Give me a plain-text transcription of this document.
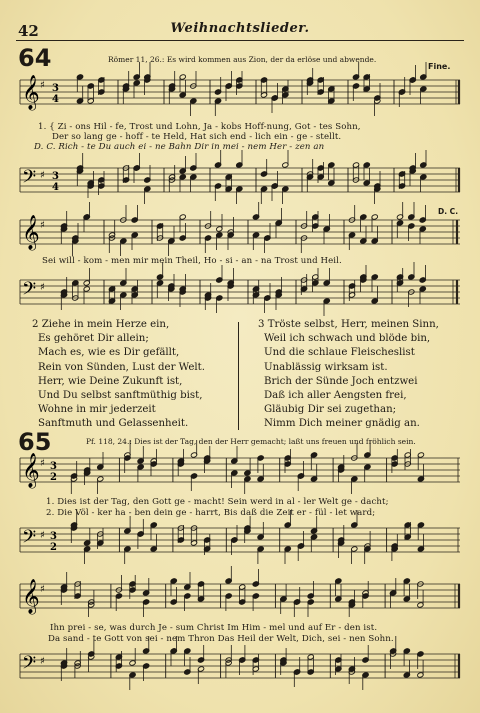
42	Weihnachtslieder.
64	Römer 11, 26.: Es wird kommen aus Zion, der da erlöse und abwende.
Fine.
𝄞 ♯ 3
4
1. { Zi - ons Hil - fe, Trost und Lohn, Ja - kobs Hoff-nung, Got - tes Sohn,
Der so lang ge - hoff - te Held, Hat sich end - lich ein - ge - stellt.
D. C. Rich - te Du auch ei - ne Bahn Dir in mei - nem Her - zen an
𝄢 ♯ 3
4
D. C.
𝄞 ♯
Sei will - kom - men mir mein Theil, Ho - si - an - na Trost und Heil.
𝄢 ♯
2 Ziehe in mein Herze ein,
Es gehöret Dir allein;
Mach es, wie es Dir gefällt,
Rein von Sünden, Lust der Welt.
Herr, wie Deine Zukunft ist,
Und Du selbst sanftmüthig bist,
Wohne in mir jederzeit
Sanftmuth und Gelassenheit.
3 Tröste selbst, Herr, meinen Sinn,
Weil ich schwach und blöde bin,
Und die schlaue Fleischeslist
Unablässig wirksam ist.
Brich der Sünde Joch entzwei
Daß ich aller Aengsten frei,
Gläubig Dir sei zugethan;
Nimm Dich meiner gnädig an.
65	Pf. 118, 24.: Dies ist der Tag, den der Herr gemacht; laßt uns freuen und fröhlich sein.
𝄞 ♯ 3
2
1. Dies ist der Tag, den Gott ge - macht! Sein werd in al - ler Welt ge - dacht;
2. Die Völ - ker ha - ben dein ge - harrt, Bis daß die Zeit er - fül - let ward;
𝄢 ♯ 3
2
𝄞 ♯
Ihn prei - se, was durch Je - sum Christ Im Him - mel und auf Er - den ist.
Da sand - te Gott von sei - nem Thron Das Heil der Welt, Dich, sei - nen Sohn.
𝄢 ♯
